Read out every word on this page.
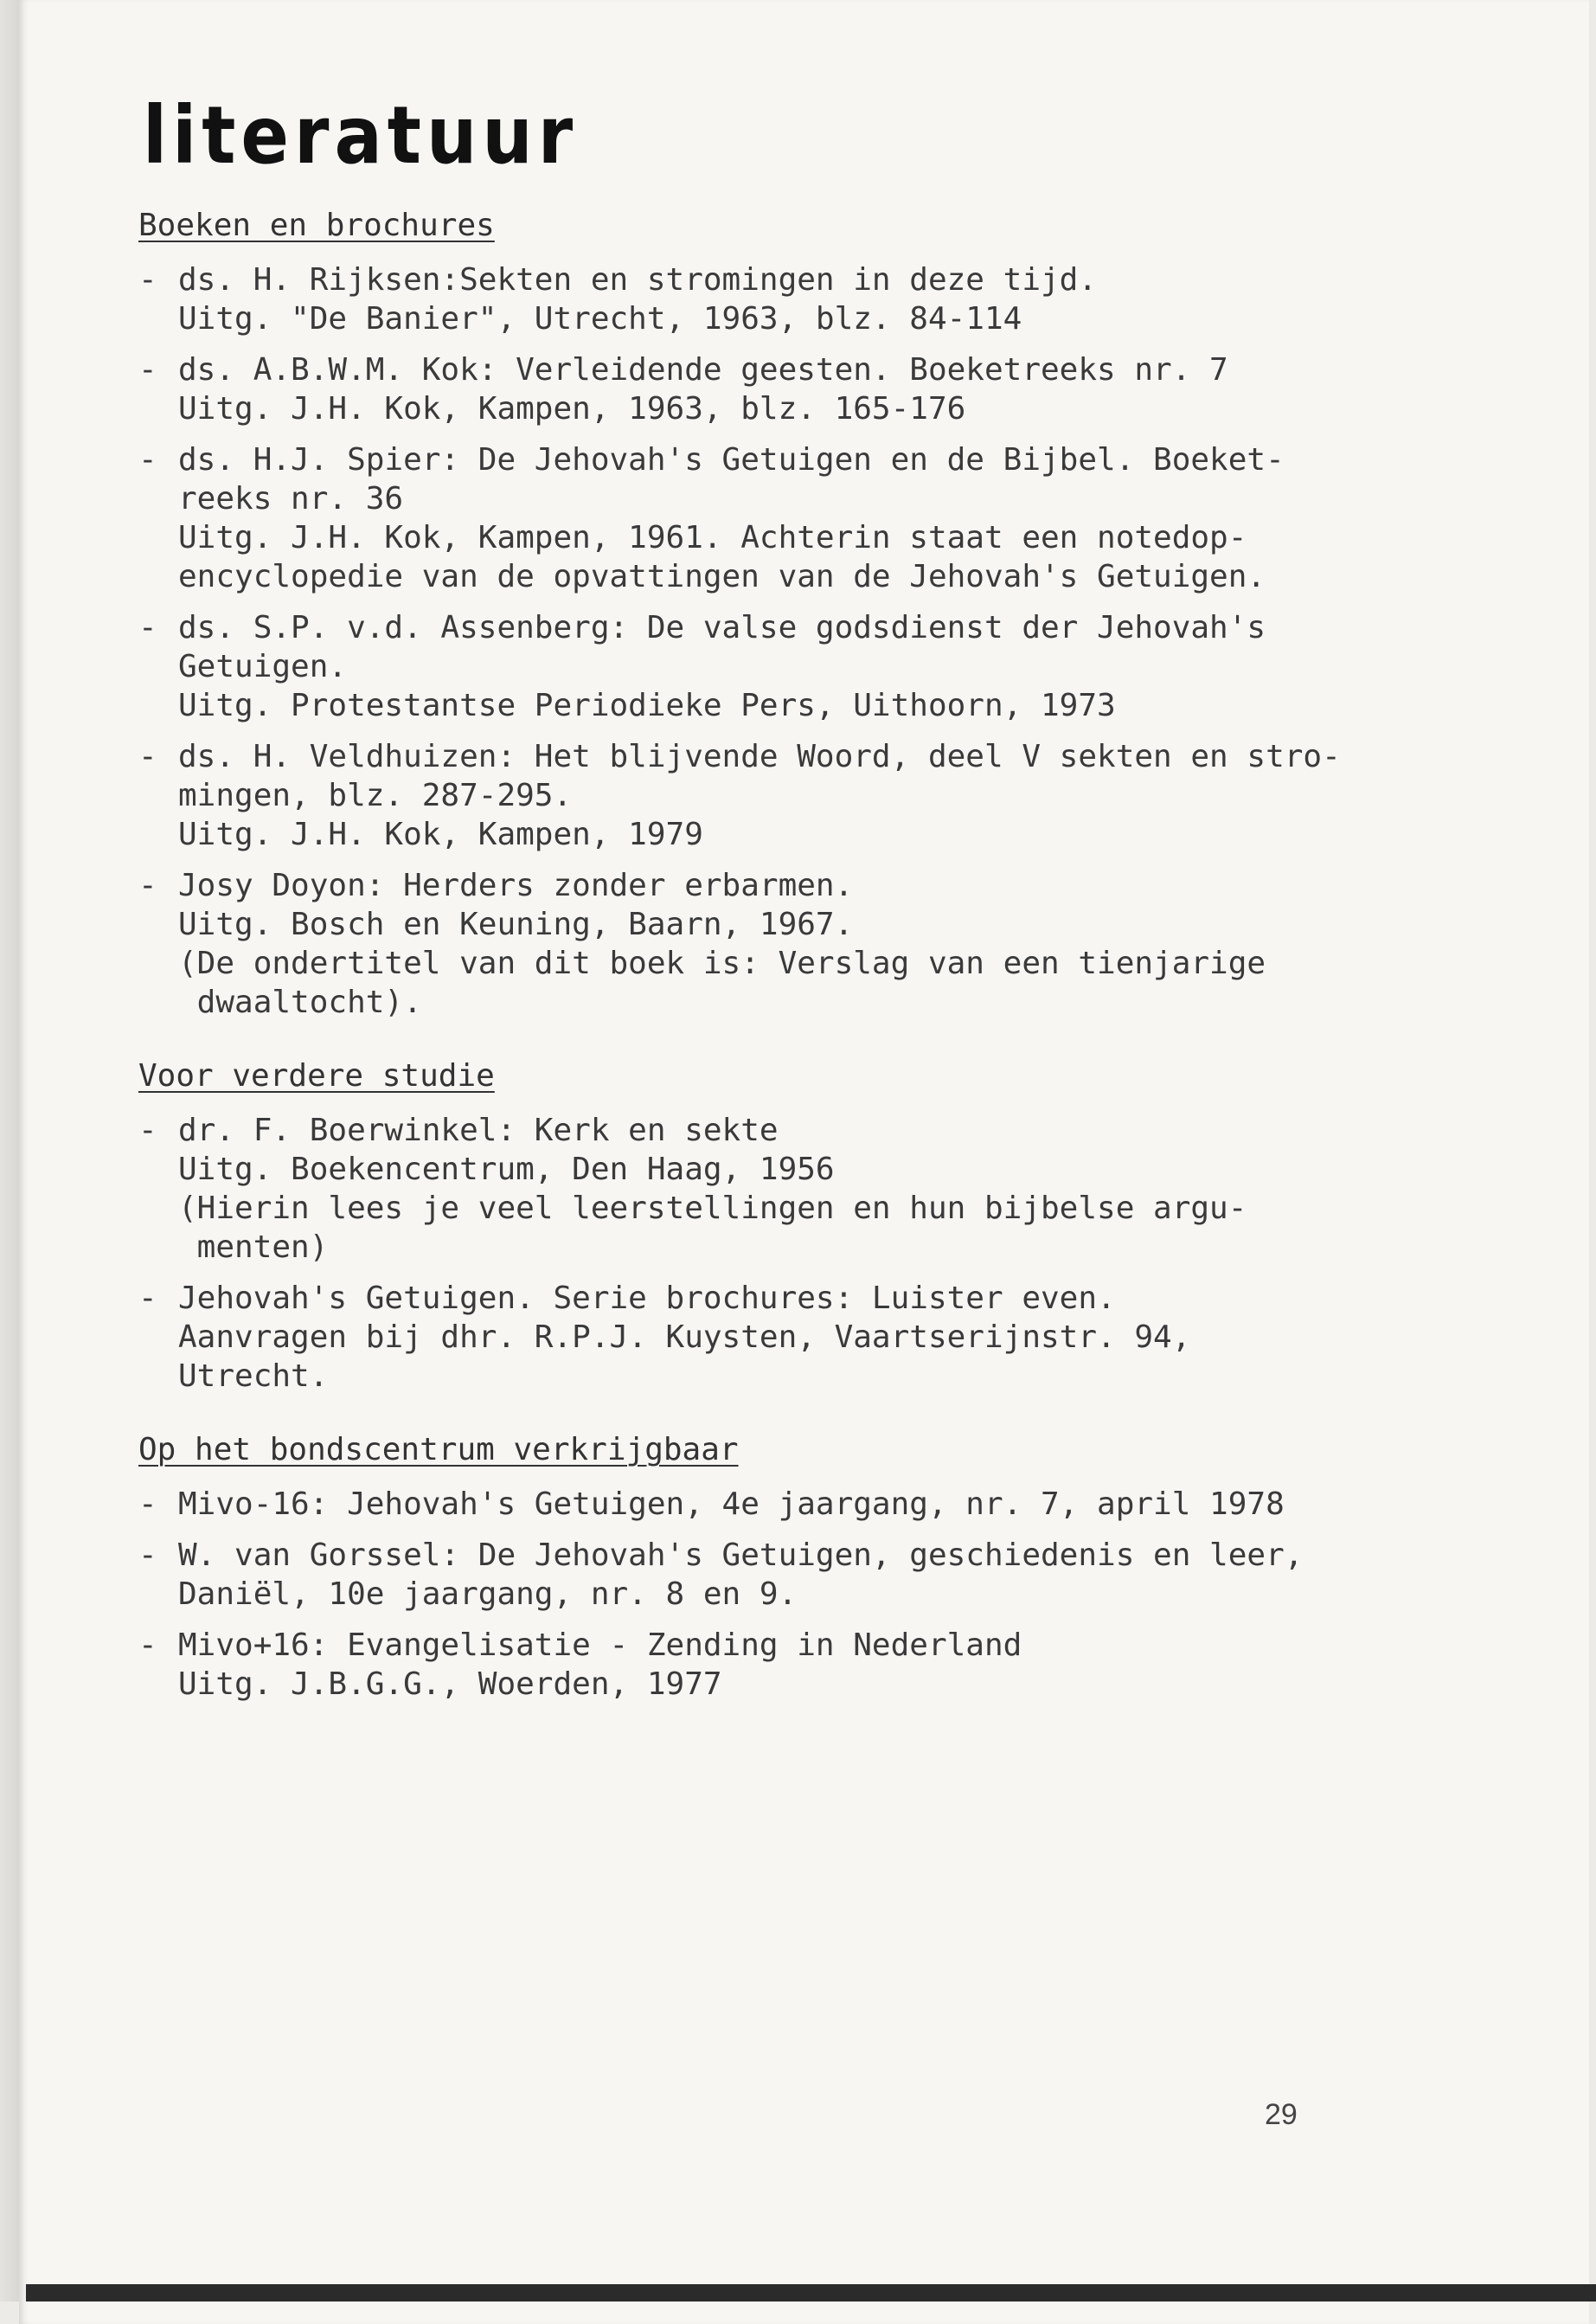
literatuur
Boeken en brochures
- ds. H. Rijksen:Sekten en stromingen in deze tijd.
Uitg. "De Banier", Utrecht, 1963, blz. 84-114
- ds. A.B.W.M. Kok: Verleidende geesten. Boeketreeks nr. 7
Uitg. J.H. Kok, Kampen, 1963, blz. 165-176
- ds. H.J. Spier: De Jehovah's Getuigen en de Bijbel. Boeket-
reeks nr. 36
Uitg. J.H. Kok, Kampen, 1961. Achterin staat een notedop-
encyclopedie van de opvattingen van de Jehovah's Getuigen.
- ds. S.P. v.d. Assenberg: De valse godsdienst der Jehovah's
Getuigen.
Uitg. Protestantse Periodieke Pers, Uithoorn, 1973
- ds. H. Veldhuizen: Het blijvende Woord, deel V sekten en stro-
mingen, blz. 287-295.
Uitg. J.H. Kok, Kampen, 1979
- Josy Doyon: Herders zonder erbarmen.
Uitg. Bosch en Keuning, Baarn, 1967.
(De ondertitel van dit boek is: Verslag van een tienjarige
dwaaltocht).
Voor verdere studie
- dr. F. Boerwinkel: Kerk en sekte
Uitg. Boekencentrum, Den Haag, 1956
(Hierin lees je veel leerstellingen en hun bijbelse argu-
menten)
- Jehovah's Getuigen. Serie brochures: Luister even.
Aanvragen bij dhr. R.P.J. Kuysten, Vaartserijnstr. 94,
Utrecht.
Op het bondscentrum verkrijgbaar
- Mivo-16: Jehovah's Getuigen, 4e jaargang, nr. 7, april 1978
- W. van Gorssel: De Jehovah's Getuigen, geschiedenis en leer,
Daniël, 10e jaargang, nr. 8 en 9.
- Mivo+16: Evangelisatie - Zending in Nederland
Uitg. J.B.G.G., Woerden, 1977
29
